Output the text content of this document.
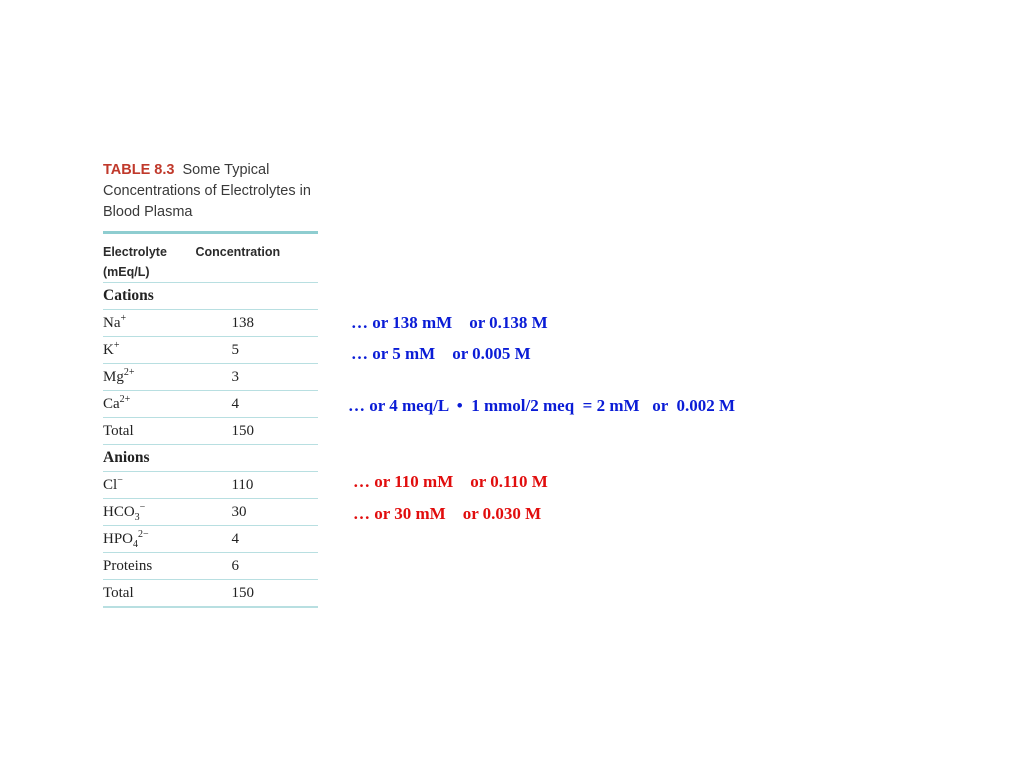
TABLE 8.3 Some Typical Concentrations of Electrolytes in Blood Plasma

Electrolyte
(mEq/L)	Concentration
Cations	
Na+	138
K+	5
$Mg^{2+}$	3
$Ca^{2+}$	4
Total	150
Anions	
Cl−	110
$HCO_3^-$	30
$HPO_4^{2-}$	4
Proteins	6
Total	150
… or 138 mM    or 0.138 M
… or 5 mM    or 0.005 M
… or 4 meq/L  •  1 mmol/2 meq  = 2 mM   or  0.002 M
… or 110 mM    or 0.110 M
… or 30 mM    or 0.030 M
